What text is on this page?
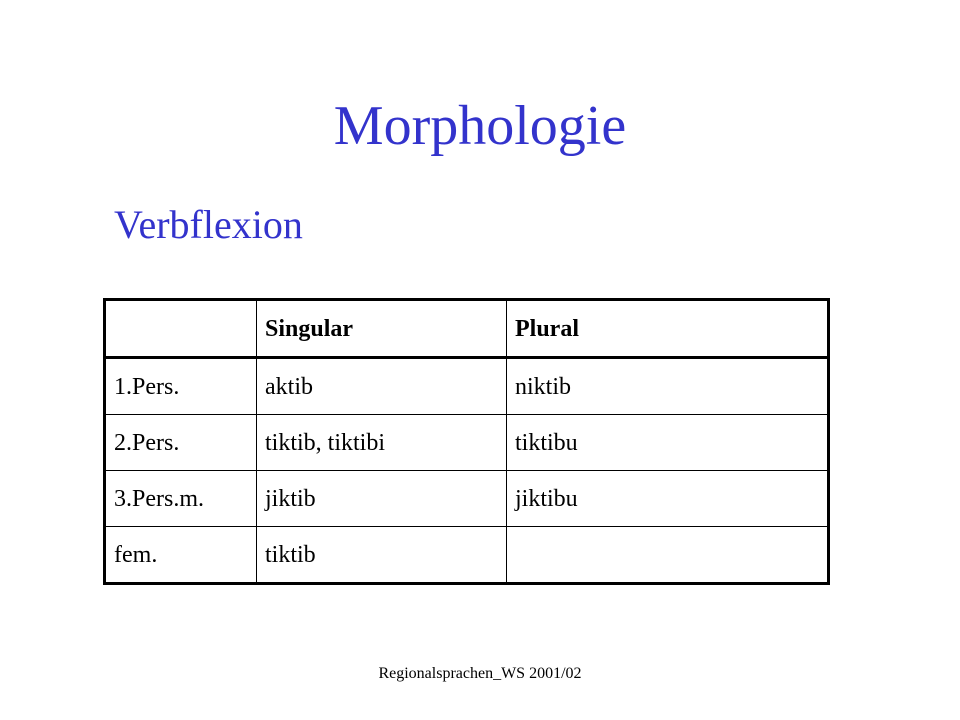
Morphologie
Verbflexion
	Singular	Plural
1.Pers.	aktib	niktib
2.Pers.	tiktib, tiktibi	tiktibu
3.Pers.m.	jiktib	jiktibu
fem.	tiktib	
Regionalsprachen_WS 2001/02
